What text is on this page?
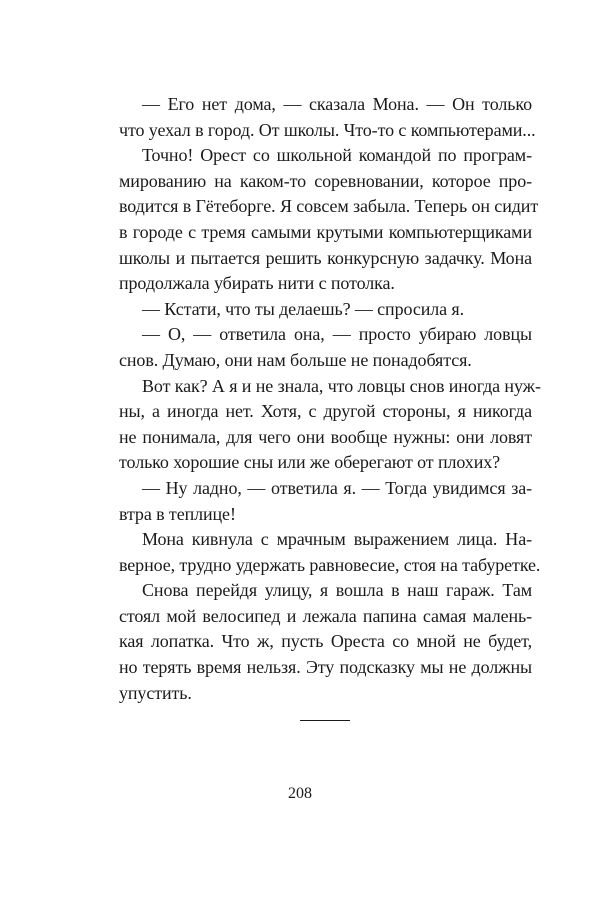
— Его нет дома, — сказала Мона. — Он только
что уехал в город. От школы. Что-то с компьютерами...
Точно! Орест со школьной командой по програм-
мированию на каком-то соревновании, которое про-
водится в Гётеборге. Я совсем забыла. Теперь он сидит
в городе с тремя самыми крутыми компьютерщиками
школы и пытается решить конкурсную задачку. Мона
продолжала убирать нити с потолка.
— Кстати, что ты делаешь? — спросила я.
— О, — ответила она, — просто убираю ловцы
снов. Думаю, они нам больше не понадобятся.
Вот как? А я и не знала, что ловцы снов иногда нуж-
ны, а иногда нет. Хотя, с другой стороны, я никогда
не понимала, для чего они вообще нужны: они ловят
только хорошие сны или же оберегают от плохих?
— Ну ладно, — ответила я. — Тогда увидимся за-
втра в теплице!
Мона кивнула с мрачным выражением лица. На-
верное, трудно удержать равновесие, стоя на табуретке.
Снова перейдя улицу, я вошла в наш гараж. Там
стоял мой велосипед и лежала папина самая малень-
кая лопатка. Что ж, пусть Ореста со мной не будет,
но терять время нельзя. Эту подсказку мы не должны
упустить.
208
